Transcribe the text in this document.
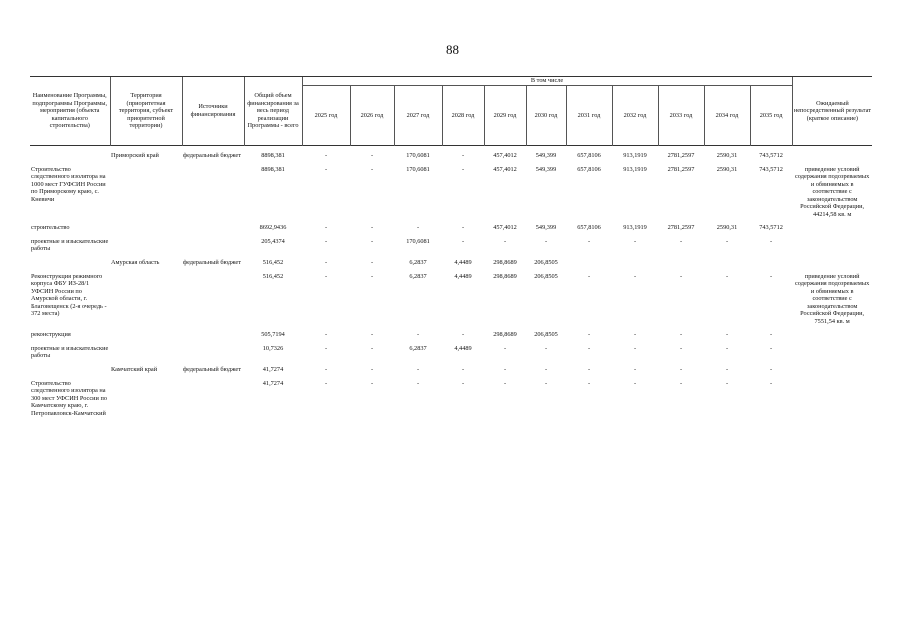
88
Наименование Программы, подпрограммы Программы, мероприятия (объекта капитального строительства)	Территория (приоритетная территория, субъект приоритетной территории)	Источники финансирования	Общий объем финансирования за весь период реализации Программы - всего	В том числе											Ожидаемый непосредственный результат (краткое описание)
				2025 год	2026 год	2027 год	2028 год	2029 год	2030 год	2031 год	2032 год	2033 год	2034 год	2035 год	
	Приморский край	федеральный бюджет	8898,381	-	-	170,6081	-	457,4012	549,399	657,8106	913,1919	2781,2597	2590,31	743,5712	
Строительство следственного изолятора на 1000 мест ГУФСИН России по Приморскому краю, с. Кневичи			8898,381	-	-	170,6081	-	457,4012	549,399	657,8106	913,1919	2781,2597	2590,31	743,5712	приведение условий содержания подозреваемых и обвиняемых в соответствие с законодательством Российской Федерации, 44214,58 кв. м
строительство			8692,9436	-	-	-	-	457,4012	549,399	657,8106	913,1919	2781,2597	2590,31	743,5712	
проектные и изыскательские работы			205,4374	-	-	170,6081	-	-	-	-	-	-	-	-	
	Амурская область	федеральный бюджет	516,452	-	-	6,2837	4,4489	298,8689	206,8505						
Реконструкция режимного корпуса ФБУ ИЗ-28/1 УФСИН России по Амурской области, г. Благовещенск (2-я очередь - 372 места)			516,452	-	-	6,2837	4,4489	298,8689	206,8505	-	-	-	-	-	приведение условий содержания подозреваемых и обвиняемых в соответствие с законодательством Российской Федерации, 7551,54 кв. м
реконструкция			505,7194	-	-	-	-	298,8689	206,8505	-	-	-	-	-	
проектные и изыскательские работы			10,7326	-	-	6,2837	4,4489	-	-	-	-	-	-	-	
	Камчатский край	федеральный бюджет	41,7274	-	-	-	-	-	-	-	-	-	-	-	
Строительство следственного изолятора на 300 мест УФСИН России по Камчатскому краю, г. Петропавловск-Камчатский			41,7274	-	-	-	-	-	-	-	-	-	-	-	
